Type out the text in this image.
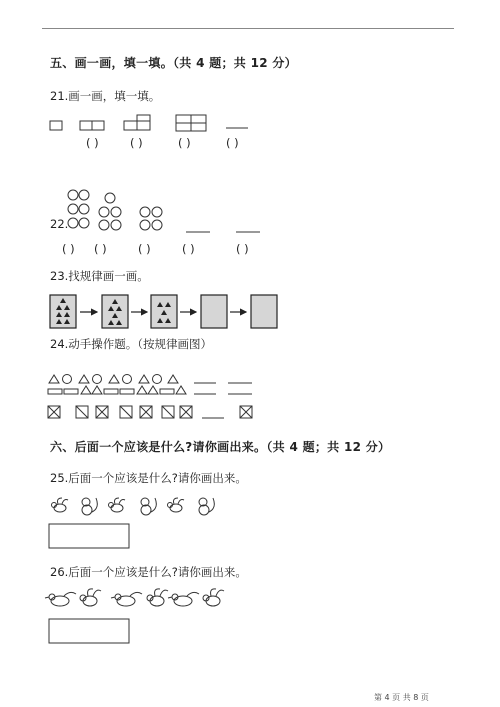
五、画一画，填一填。（共 4 题；共 12 分）
21.画一画，填一填。
( )	( )	( )	( )
22.
( ) ( )	( )	( )	( )
23.找规律画一画。
24.动手操作题。（按规律画图）
六、后面一个应该是什么?请你画出来。（共 4 题；共 12 分）
25.后面一个应该是什么?请你画出来。
26.后面一个应该是什么?请你画出来。
第 4 页 共 8 页
